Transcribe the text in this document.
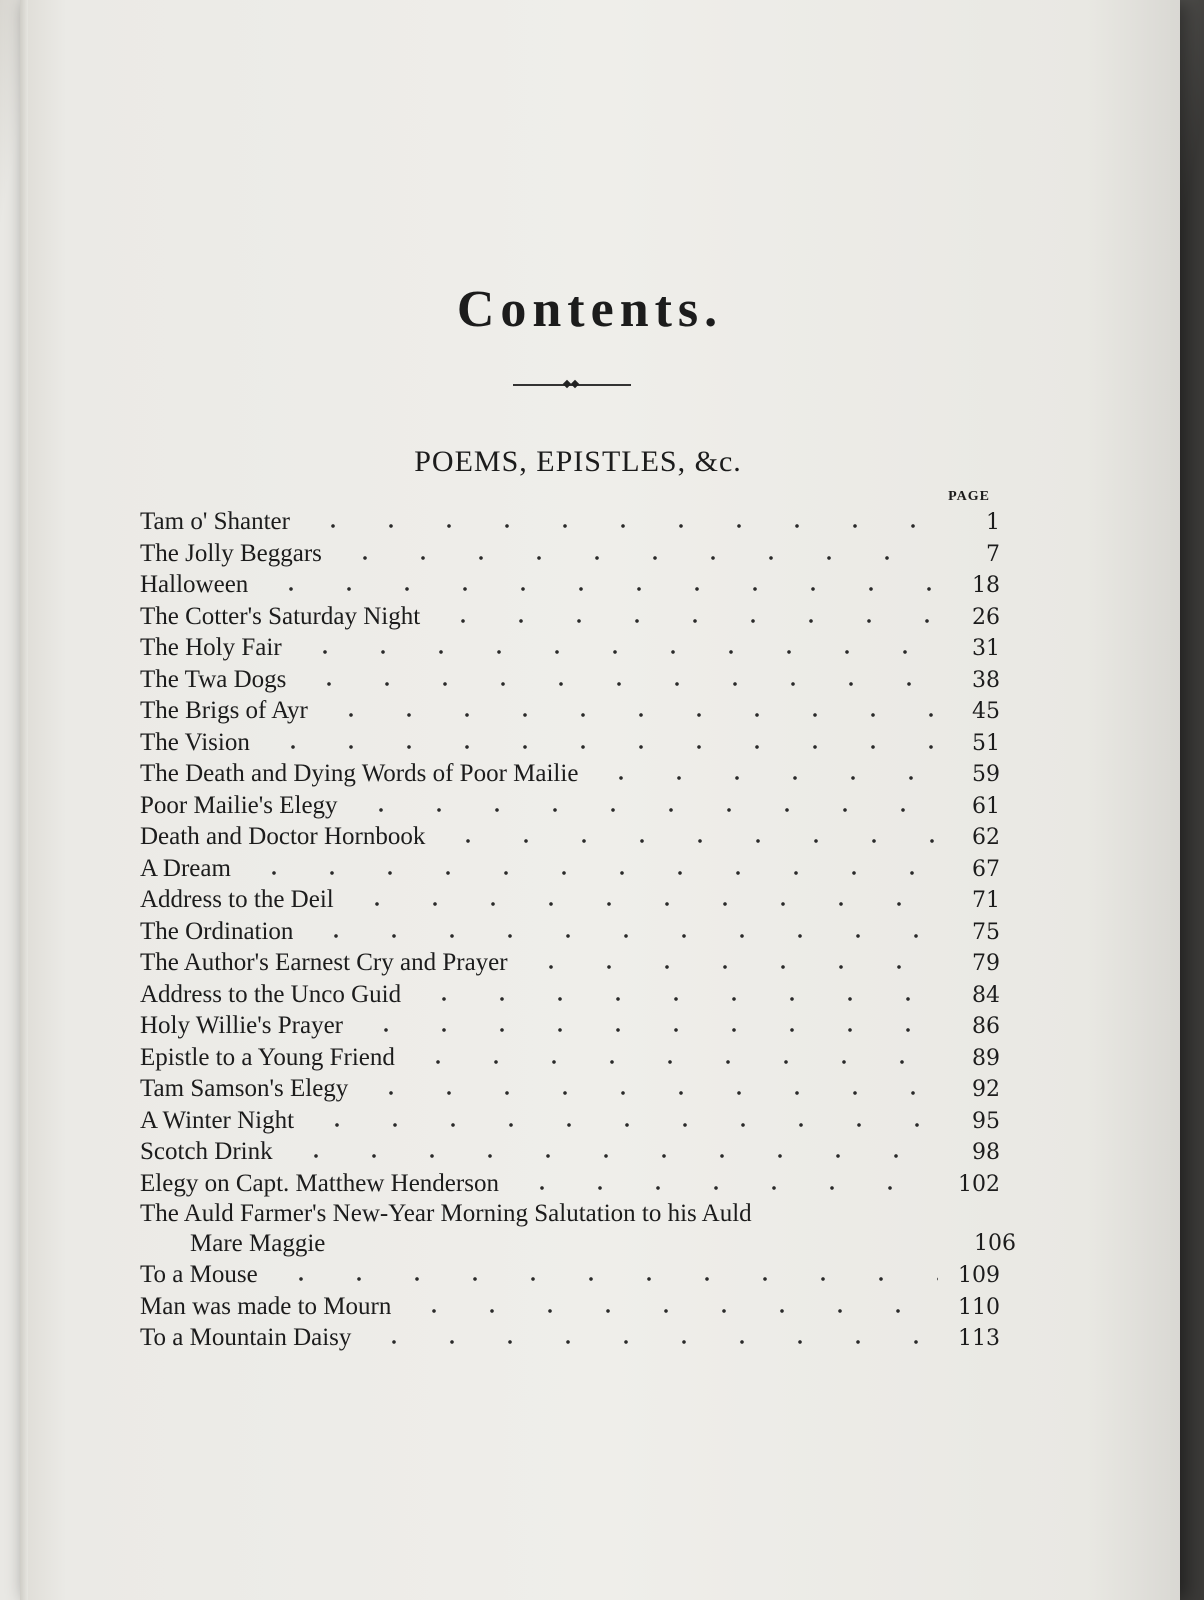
Contents.
POEMS, EPISTLES, &c.
PAGE
Tam o' Shanter	1
The Jolly Beggars	7
Halloween	18
The Cotter's Saturday Night	26
The Holy Fair	31
The Twa Dogs	38
The Brigs of Ayr	45
The Vision	51
The Death and Dying Words of Poor Mailie	59
Poor Mailie's Elegy	61
Death and Doctor Hornbook	62
A Dream	67
Address to the Deil	71
The Ordination	75
The Author's Earnest Cry and Prayer	79
Address to the Unco Guid	84
Holy Willie's Prayer	86
Epistle to a Young Friend	89
Tam Samson's Elegy	92
A Winter Night	95
Scotch Drink	98
Elegy on Capt. Matthew Henderson	102
The Auld Farmer's New-Year Morning Salutation to his Auld
Mare Maggie	106
To a Mouse	109
Man was made to Mourn	110
To a Mountain Daisy	113
